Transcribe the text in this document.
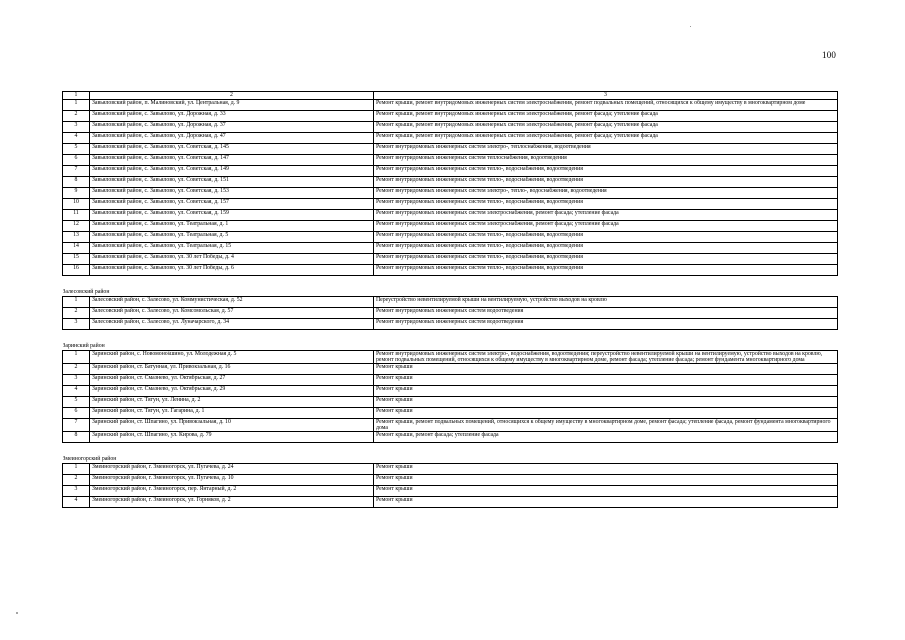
100
1	2	3
1	Завьяловский район, п. Малиновский, ул. Центральная, д. 9	Ремонт крыши, ремонт внутридомовых инженерных систем электроснабжения, ремонт подвальных помещений, относящихся к общему имуществу в многоквартирном доме
2	Завьяловский район, с. Завьялово, ул. Дорожная, д. 33	Ремонт крыши, ремонт внутридомовых инженерных систем электроснабжения, ремонт фасада; утепление фасада
3	Завьяловский район, с. Завьялово, ул. Дорожная, д. 37	Ремонт крыши, ремонт внутридомовых инженерных систем электроснабжения, ремонт фасада; утепление фасада
4	Завьяловский район, с. Завьялово, ул. Дорожная, д. 47	Ремонт крыши, ремонт внутридомовых инженерных систем электроснабжения, ремонт фасада; утепление фасада
5	Завьяловский район, с. Завьялово, ул. Советская, д. 145	Ремонт внутридомовых инженерных систем электро-, теплоснабжения, водоотведения
6	Завьяловский район, с. Завьялово, ул. Советская, д. 147	Ремонт внутридомовых инженерных систем теплоснабжения, водоотведения
7	Завьяловский район, с. Завьялово, ул. Советская, д. 149	Ремонт внутридомовых инженерных систем тепло-, водоснабжения, водоотведения
8	Завьяловский район, с. Завьялово, ул. Советская, д. 151	Ремонт внутридомовых инженерных систем тепло-, водоснабжения, водоотведения
9	Завьяловский район, с. Завьялово, ул. Советская, д. 153	Ремонт внутридомовых инженерных систем электро-, тепло-, водоснабжения, водоотведения
10	Завьяловский район, с. Завьялово, ул. Советская, д. 157	Ремонт внутридомовых инженерных систем тепло-, водоснабжения, водоотведения
11	Завьяловский район, с. Завьялово, ул. Советская, д. 159	Ремонт внутридомовых инженерных систем электроснабжения, ремонт фасада; утепление фасада
12	Завьяловский район, с. Завьялово, ул. Театральная, д. 1	Ремонт внутридомовых инженерных систем электроснабжения, ремонт фасада; утепление фасада
13	Завьяловский район, с. Завьялово, ул. Театральная, д. 5	Ремонт внутридомовых инженерных систем тепло-, водоснабжения, водоотведения
14	Завьяловский район, с. Завьялово, ул. Театральная, д. 15	Ремонт внутридомовых инженерных систем тепло-, водоснабжения, водоотведения
15	Завьяловский район, с. Завьялово, ул. 30 лет Победы, д. 4	Ремонт внутридомовых инженерных систем тепло-, водоснабжения, водоотведения
16	Завьяловский район, с. Завьялово, ул. 30 лет Победы, д. 6	Ремонт внутридомовых инженерных систем тепло-, водоснабжения, водоотведения
Залесовский район		
1	Залесовский район, с. Залесово, ул. Коммунистическая, д. 52	Переустройство невентилируемой крыши на вентилируемую, устройство выходов на кровлю
2	Залесовский район, с. Залесово, ул. Комсомольская, д. 57	Ремонт внутридомовых инженерных систем водоотведения
3	Залесовский район, с. Залесово, ул. Луначарского, д. 34	Ремонт внутридомовых инженерных систем водоотведения
Заринский район		
1	Заринский район, с. Новомонośшино, ул. Молодежная д. 5	Ремонт внутридомовых инженерных систем электро-, водоснабжения, водоотведения; переустройство невентилируемой крыши на вентилируемую, устройство выходов на кровлю, ремонт подвальных помещений, относящихся к общему имуществу в многоквартирном доме, ремонт фасада; утепление фасада; ремонт фундамента многоквартирного дома
2	Заринский район, ст. Батунная, ул. Привокзальная, д. 16	Ремонт крыши
3	Заринский район, ст. Смазнево, ул. Октябрьская, д. 27	Ремонт крыши
4	Заринский район, ст. Смазнево, ул. Октябрьская, д. 29	Ремонт крыши
5	Заринский район, ст. Тягун, ул. Ленина, д. 2	Ремонт крыши
6	Заринский район, ст. Тягун, ул. Гагарина, д. 1	Ремонт крыши
7	Заринский район, ст. Шпагино, ул. Привокзальная, д. 10	Ремонт крыши, ремонт подвальных помещений, относящихся к общему имуществу в многоквартирном доме, ремонт фасада; утепление фасада, ремонт фундамента многоквартирного дома
8	Заринский район, ст. Шпагино, ул. Кирова, д. 79	Ремонт крыши, ремонт фасада; утепление фасада
Змеиногорский район		
1	Змеиногорский район, г. Змеиногорск, ул. Пугачева, д. 24	Ремонт крыши
2	Змеиногорский район, г. Змеиногорск, ул. Пугачева, д. 10	Ремонт крыши
3	Змеиногорский район, г. Змеиногорск, пер. Янтарный, д. 2	Ремонт крыши
4	Змеиногорский район, г. Змеиногорск, ул. Горняков, д. 2	Ремонт крыши
